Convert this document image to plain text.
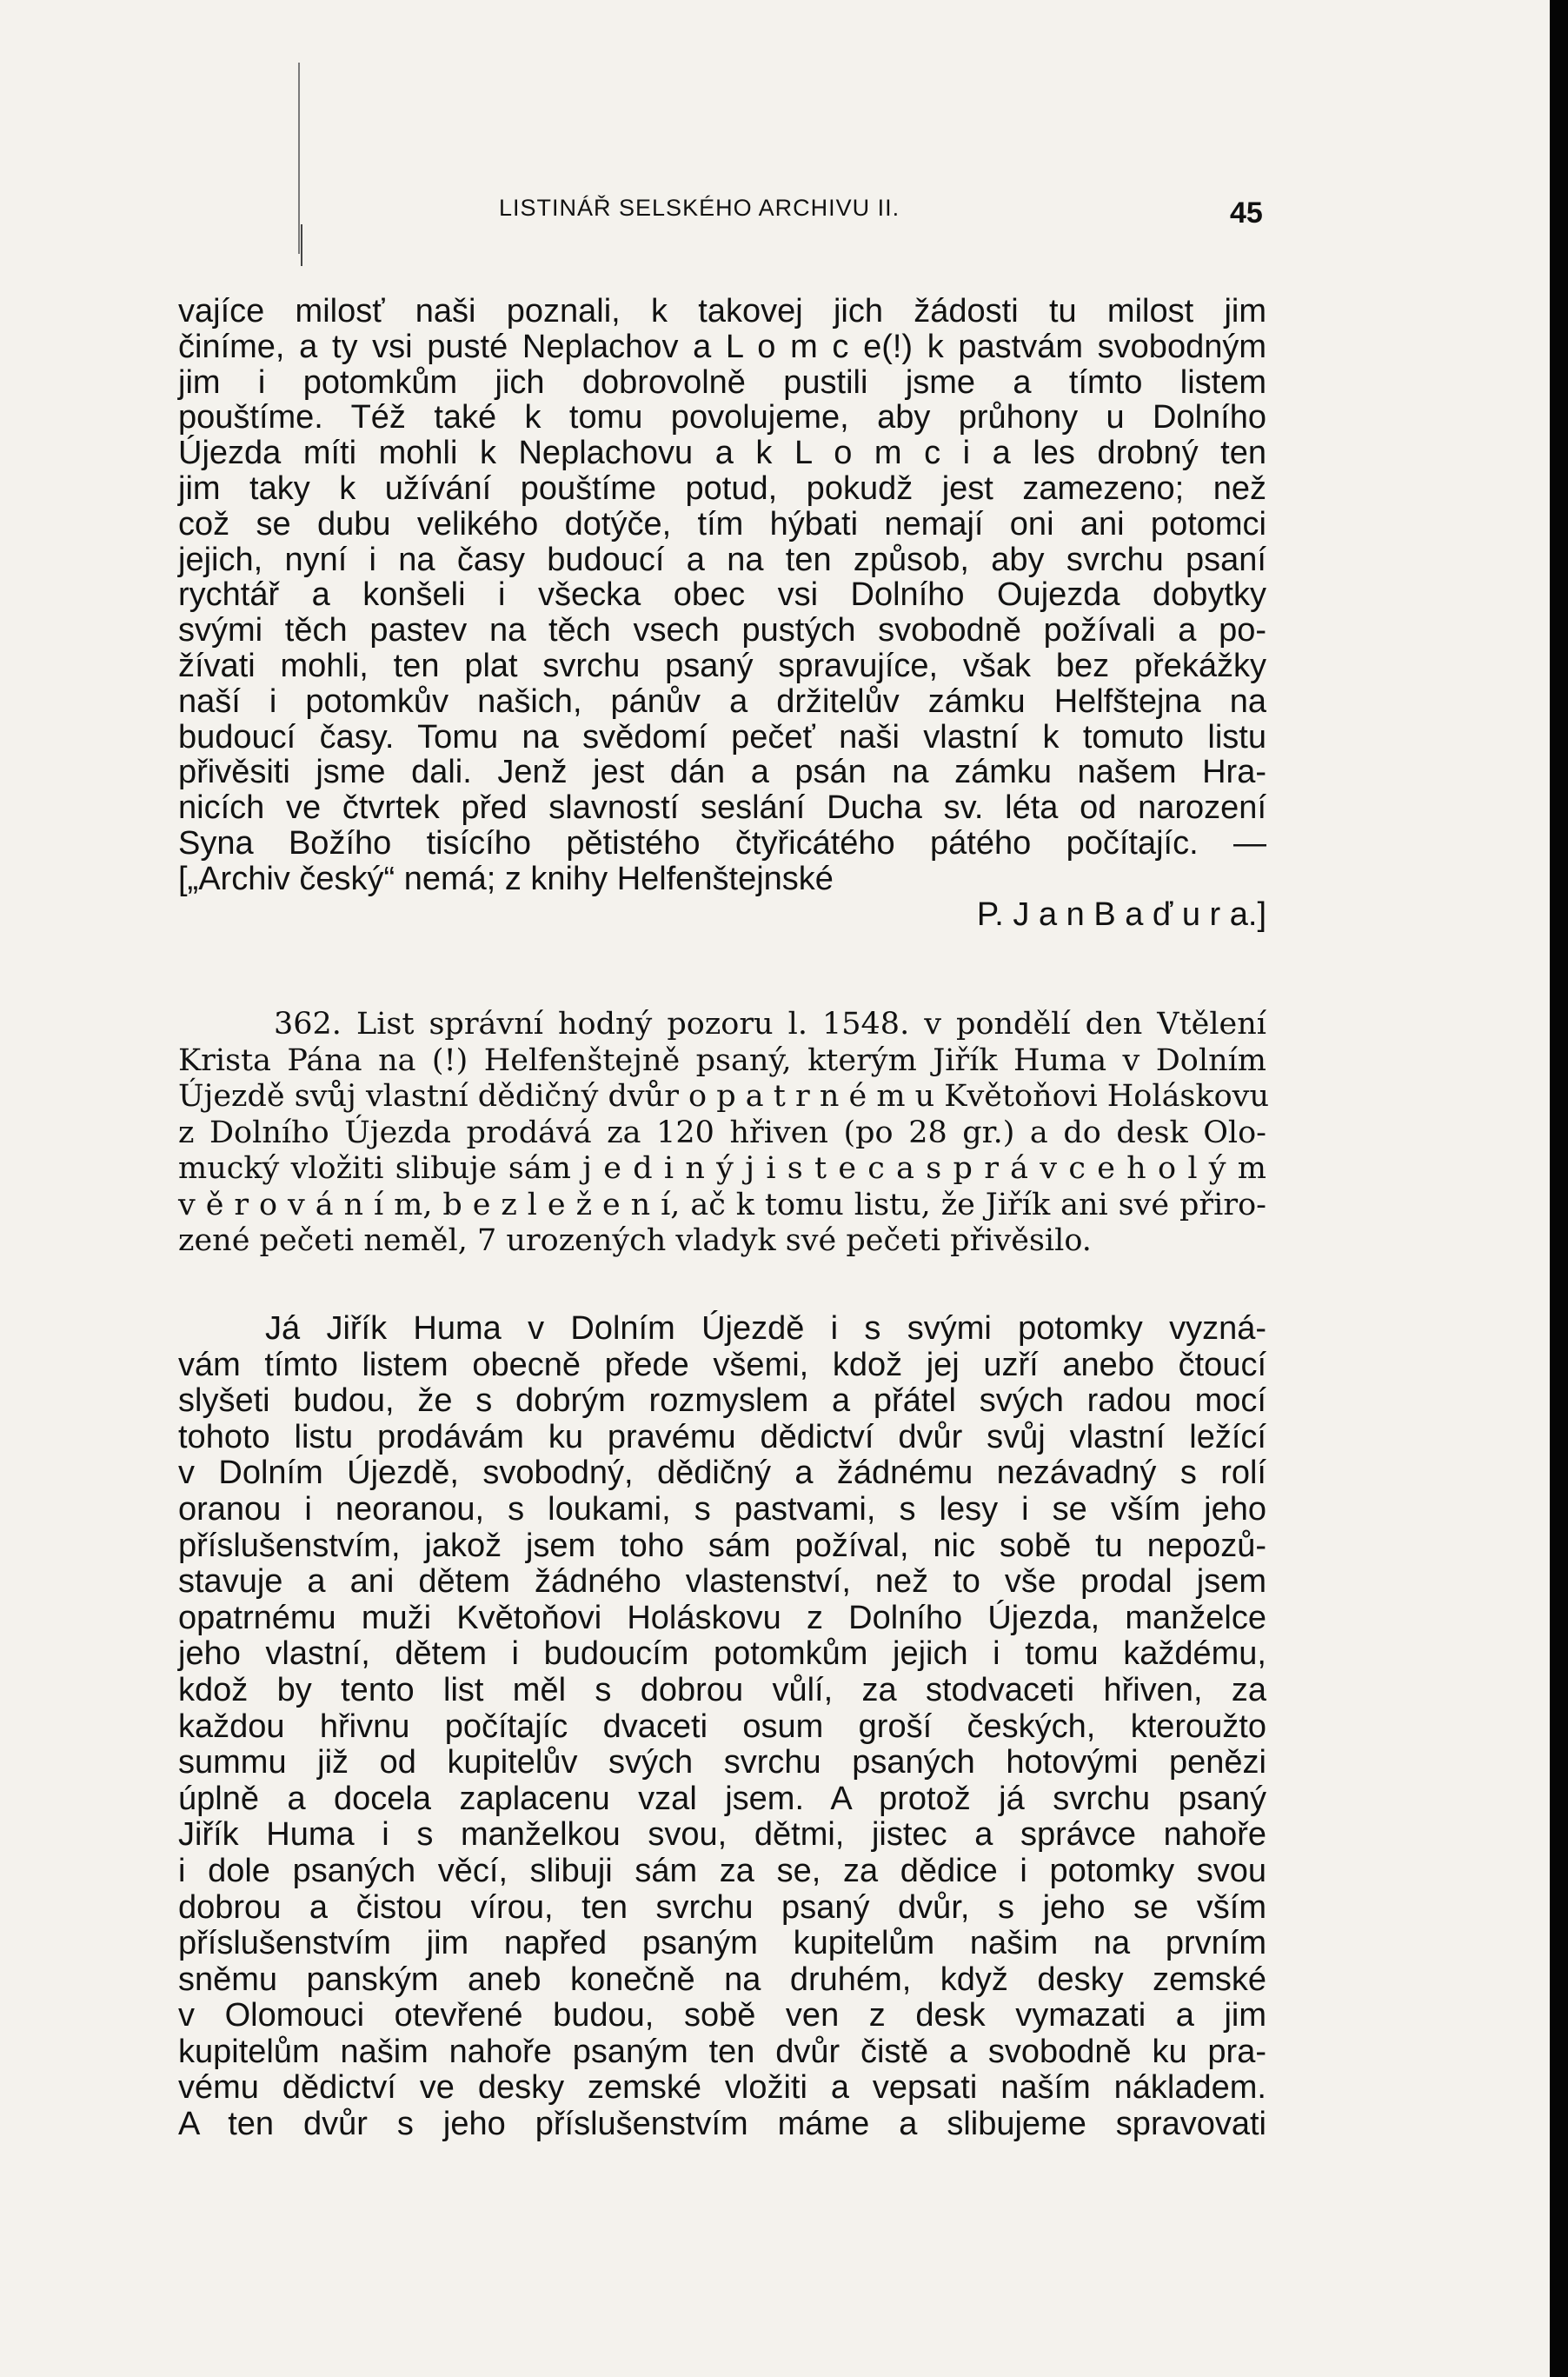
LISTINÁŘ SELSKÉHO ARCHIVU II.	45
vajíce milosť naši poznali, k takovej jich žádosti tu milost jim
činíme, a ty vsi pusté Neplachov a L o m c e(!) k pastvám svobodným
jim i potomkům jich dobrovolně pustili jsme a tímto listem
pouštíme. Též také k tomu povolujeme, aby průhony u Dolního
Újezda míti mohli k Neplachovu a k L o m c i a les drobný ten
jim taky k užívání pouštíme potud, pokudž jest zamezeno; než
což se dubu velikého dotýče, tím hýbati nemají oni ani potomci
jejich, nyní i na časy budoucí a na ten způsob, aby svrchu psaní
rychtář a konšeli i všecka obec vsi Dolního Oujezda dobytky
svými těch pastev na těch vsech pustých svobodně požívali a po-
žívati mohli, ten plat svrchu psaný spravujíce, však bez překážky
naší i potomkův našich, pánův a držitelův zámku Helfštejna na
budoucí časy. Tomu na svědomí pečeť naši vlastní k tomuto listu
přivěsiti jsme dali. Jenž jest dán a psán na zámku našem Hra-
nicích ve čtvrtek před slavností seslání Ducha sv. léta od narození
Syna Božího tisícího pětistého čtyřicátého pátého počítajíc. —
[„Archiv český“ nemá; z knihy Helfenštejnské
P. J a n B a ď u r a.]
362. List správní hodný pozoru l. 1548. v pondělí den Vtělení
Krista Pána na (!) Helfenštejně psaný, kterým Jiřík Huma v Dolním
Újezdě svůj vlastní dědičný dvůr o p a t r n é m u Květoňovi Holáskovu
z Dolního Újezda prodává za 120 hřiven (po 28 gr.) a do desk Olo-
mucký vložiti slibuje sám j e d i n ý j i s t e c a s p r á v c e h o l ý m
v ě r o v á n í m, b e z l e ž e n í, ač k tomu listu, že Jiřík ani své přiro-
zené pečeti neměl, 7 urozených vladyk své pečeti přivěsilo.
Já Jiřík Huma v Dolním Újezdě i s svými potomky vyzná-
vám tímto listem obecně přede všemi, kdož jej uzří anebo čtoucí
slyšeti budou, že s dobrým rozmyslem a přátel svých radou mocí
tohoto listu prodávám ku pravému dědictví dvůr svůj vlastní ležící
v Dolním Újezdě, svobodný, dědičný a žádnému nezávadný s rolí
oranou i neoranou, s loukami, s pastvami, s lesy i se vším jeho
příslušenstvím, jakož jsem toho sám požíval, nic sobě tu nepozů-
stavuje a ani dětem žádného vlastenství, než to vše prodal jsem
opatrnému muži Květoňovi Holáskovu z Dolního Újezda, manželce
jeho vlastní, dětem i budoucím potomkům jejich i tomu každému,
kdož by tento list měl s dobrou vůlí, za stodvaceti hřiven, za
každou hřivnu počítajíc dvaceti osum groší českých, kteroužto
summu již od kupitelův svých svrchu psaných hotovými penězi
úplně a docela zaplacenu vzal jsem. A protož já svrchu psaný
Jiřík Huma i s manželkou svou, dětmi, jistec a správce nahoře
i dole psaných věcí, slibuji sám za se, za dědice i potomky svou
dobrou a čistou vírou, ten svrchu psaný dvůr, s jeho se vším
příslušenstvím jim napřed psaným kupitelům našim na prvním
sněmu panským aneb konečně na druhém, když desky zemské
v Olomouci otevřené budou, sobě ven z desk vymazati a jim
kupitelům našim nahoře psaným ten dvůr čistě a svobodně ku pra-
vému dědictví ve desky zemské vložiti a vepsati naším nákladem.
A ten dvůr s jeho příslušenstvím máme a slibujeme spravovati
